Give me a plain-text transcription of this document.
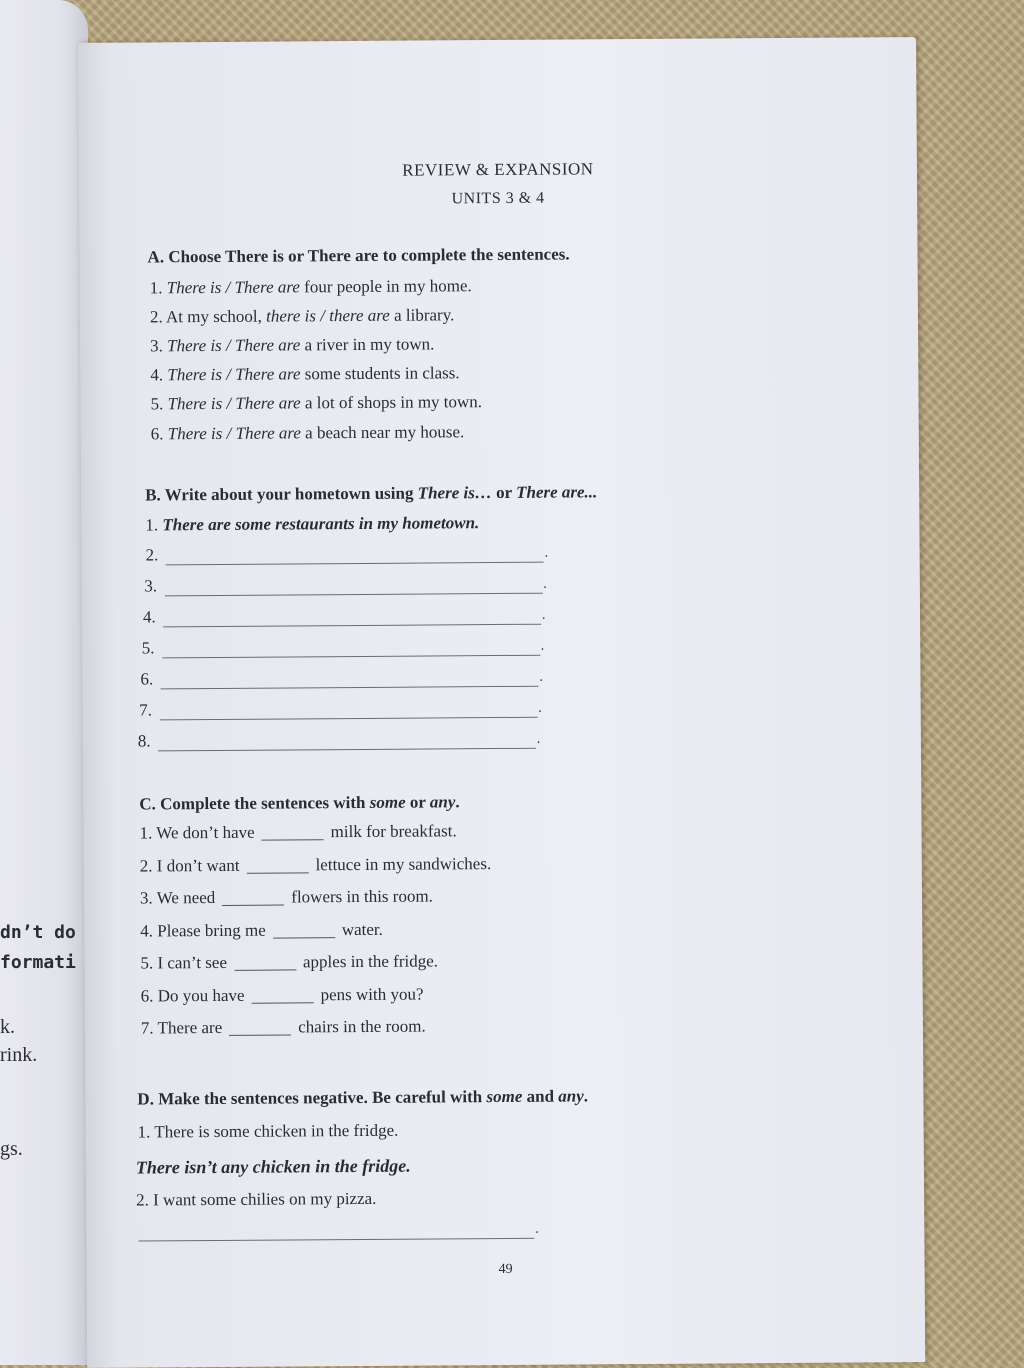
dn’t do
formati
k.
rink.
gs.
REVIEW & EXPANSION
UNITS 3 & 4
A. Choose There is or There are to complete the sentences.
1. There is / There are four people in my home.
2. At my school, there is / there are a library.
3. There is / There are a river in my town.
4. There is / There are some students in class.
5. There is / There are a lot of shops in my town.
6. There is / There are a beach near my house.
B. Write about your hometown using There is… or There are...
1. There are some restaurants in my hometown.
2.	.
3.	.
4.	.
5.	.
6.	.
7.	.
8.	.
C. Complete the sentences with some or any.
1. We don’t have	milk for breakfast.
2. I don’t want	lettuce in my sandwiches.
3. We need	flowers in this room.
4. Please bring me	water.
5. I can’t see	apples in the fridge.
6. Do you have	pens with you?
7. There are	chairs in the room.
D. Make the sentences negative. Be careful with some and any.
1. There is some chicken in the fridge.
There isn’t any chicken in the fridge.
2. I want some chilies on my pizza.
.
49
